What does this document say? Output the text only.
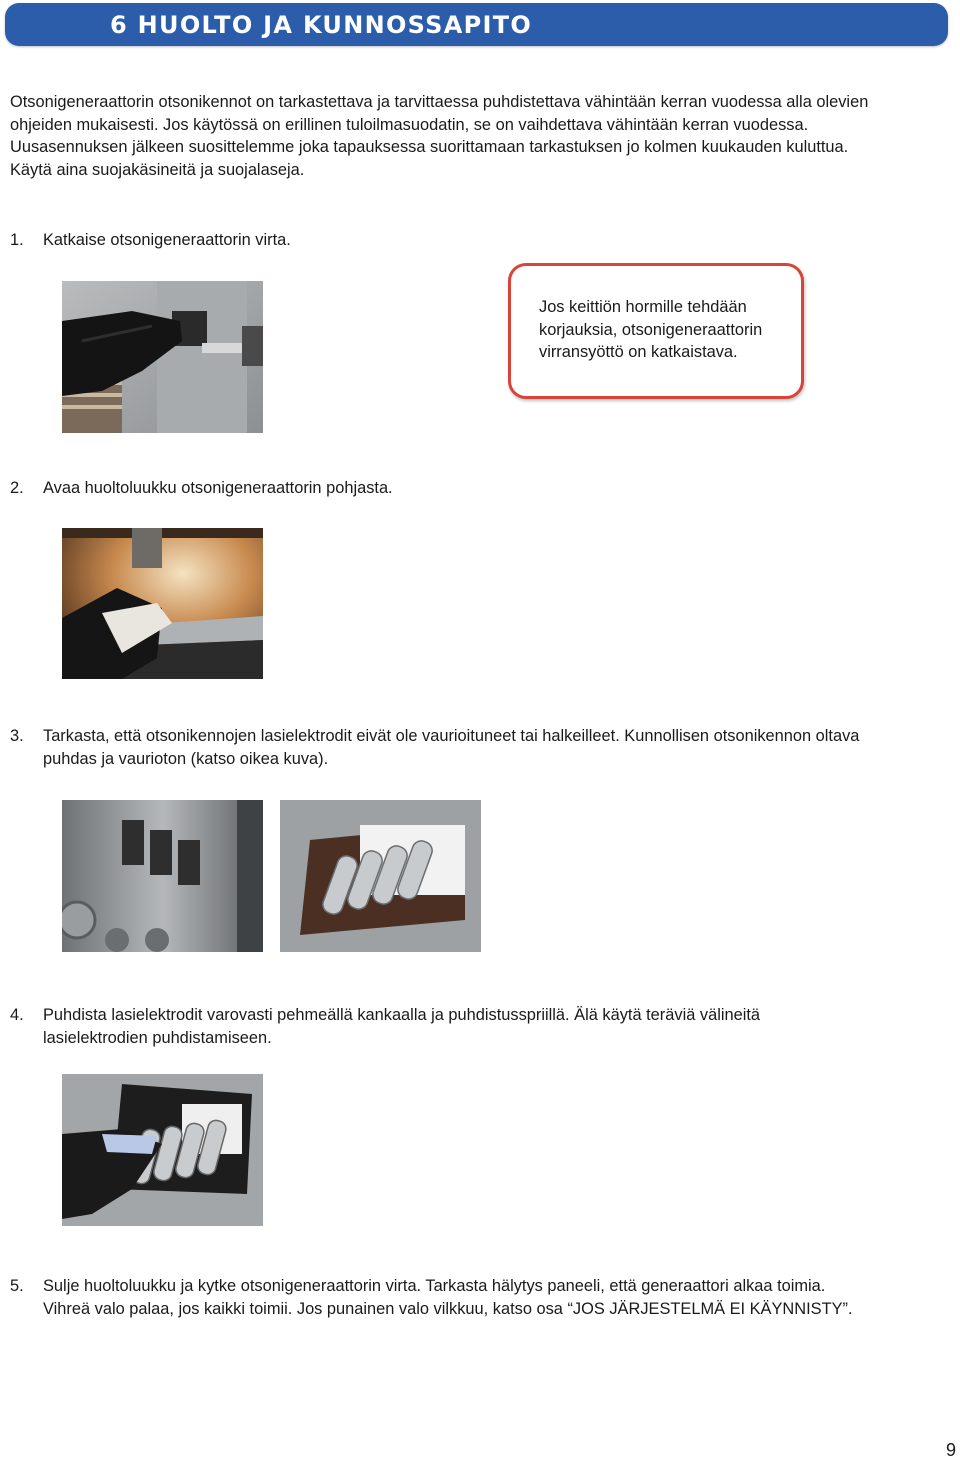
6 HUOLTO JA KUNNOSSAPITO

Otsonigeneraattorin otsonikennot on tarkastettava ja tarvittaessa puhdistettava vähintään kerran vuodessa alla olevien
ohjeiden mukaisesti. Jos käytössä on erillinen tuloilmasuodatin, se on vaihdettava vähintään kerran vuodessa.
Uusasennuksen jälkeen suosittelemme joka tapauksessa suorittamaan tarkastuksen jo kolmen kuukauden kuluttua.
Käytä aina suojakäsineitä ja suojalaseja.

1. Katkaise otsonigeneraattorin virta.

Jos keittiön hormille tehdään
korjauksia, otsonigeneraattorin
virransyöttö on katkaistava.

2. Avaa huoltoluukku otsonigeneraattorin pohjasta.
3. Tarkasta, että otsonikennojen lasielektrodit eivät ole vaurioituneet tai halkeilleet. Kunnollisen otsonikennon oltava
puhdas ja vaurioton (katso oikea kuva).
4. Puhdista lasielektrodit varovasti pehmeällä kankaalla ja puhdistusspriillä. Älä käytä teräviä välineitä
lasielektrodien puhdistamiseen.
5. Sulje huoltoluukku ja kytke otsonigeneraattorin virta. Tarkasta hälytys paneeli, että generaattori alkaa toimia.
Vihreä valo palaa, jos kaikki toimii. Jos punainen valo vilkkuu, katso osa “JOS JÄRJESTELMÄ EI KÄYNNISTY”.

9
